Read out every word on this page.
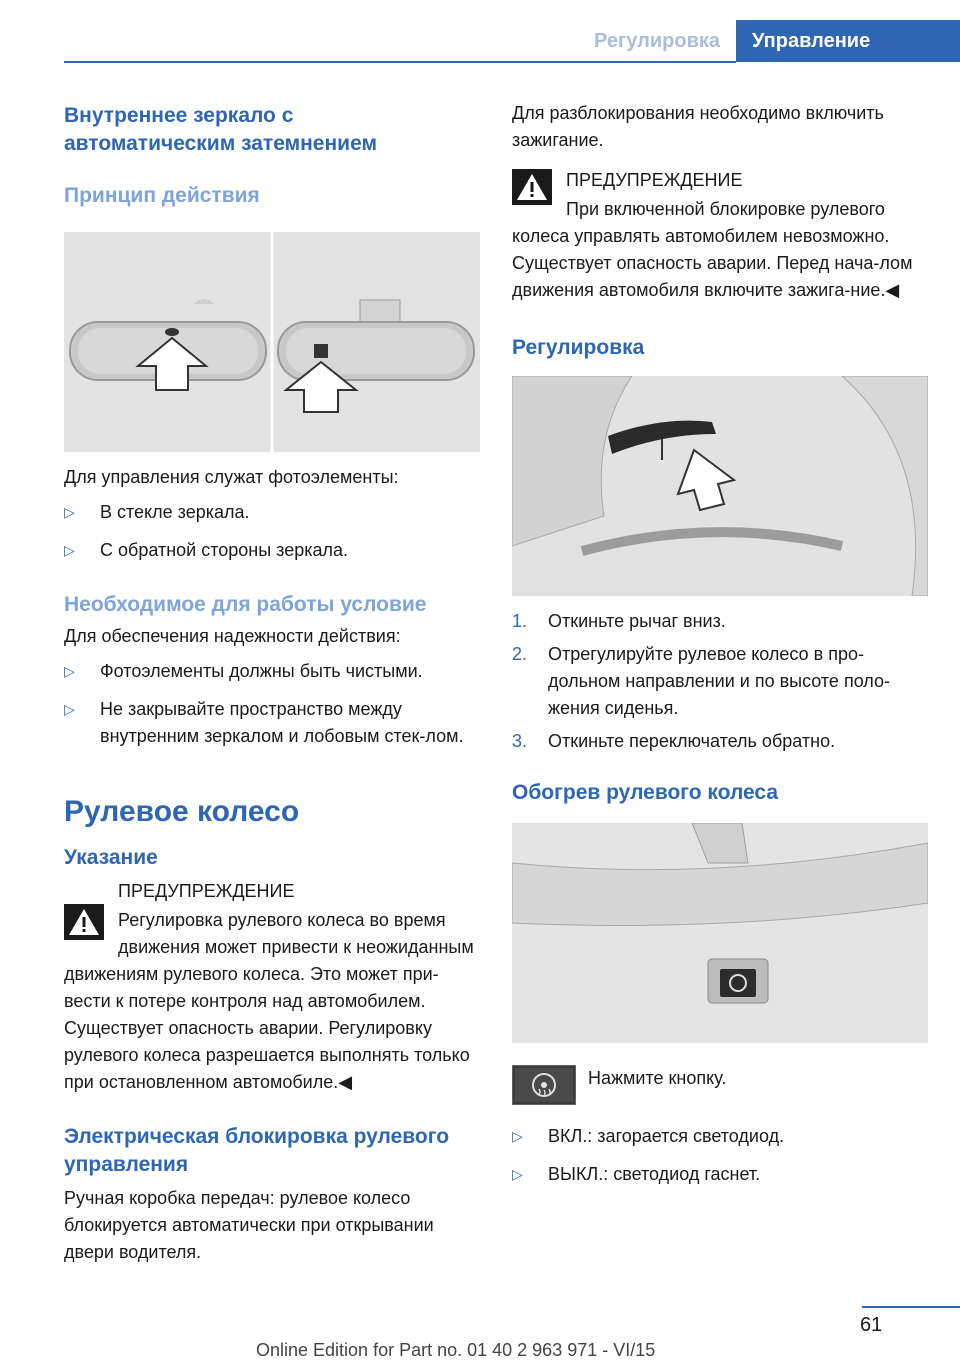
Регулировка	Управление
Внутреннее зеркало с
автоматическим затемнением
Принцип действия

Для управления служат фотоэлементы:

▷ В стекле зеркала.
▷ С обратной стороны зеркала.
Необходимое для работы условие

Для обеспечения надежности действия:

▷ Фотоэлементы должны быть чистыми.
▷ Не закрывайте пространство между внутренним зеркалом и лобовым стек-лом.
Рулевое колесо
Указание
ПРЕДУПРЕЖДЕНИЕ
Регулировка рулевого колеса во время движения может привести к неожиданным движениям рулевого колеса. Это может при-вести к потере контроля над автомобилем. Существует опасность аварии. Регулировку рулевого колеса разрешается выполнять только при остановленном автомобиле.◀
Электрическая блокировка рулевого
управления

Ручная коробка передач: рулевое колесо блокируется автоматически при открывании двери водителя.

Для разблокирования необходимо включить зажигание.

ПРЕДУПРЕЖДЕНИЕ
При включенной блокировке рулевого колеса управлять автомобилем невозможно. Существует опасность аварии. Перед нача-лом движения автомобиля включите зажига-ние.◀
Регулировка
1. Откиньте рычаг вниз.
2. Отрегулируйте рулевое колесо в про-дольном направлении и по высоте поло-жения сиденья.
3. Откиньте переключатель обратно.
Обогрев рулевого колеса
Нажмите кнопку.
▷ ВКЛ.: загорается светодиод.
▷ ВЫКЛ.: светодиод гаснет.
61
Online Edition for Part no. 01 40 2 963 971 - VI/15
